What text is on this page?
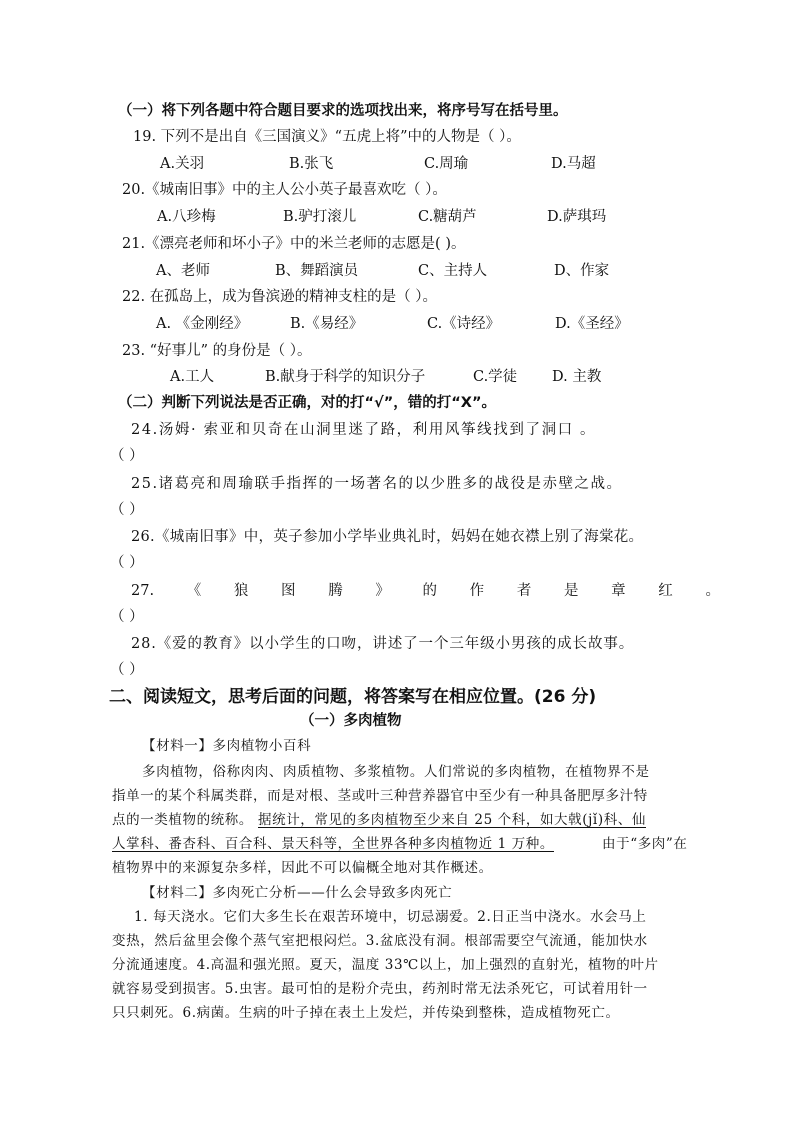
（一）将下列各题中符合题目要求的选项找出来，将序号写在括号里。
19. 下列不是出自《三国演义》“五虎上将”中的人物是（ ）。
A.关羽	B.张飞	C.周瑜	D.马超
20.《城南旧事》中的主人公小英子最喜欢吃（ ）。
A.八珍梅	B.驴打滚儿	C.糖葫芦	D.萨琪玛
21.《漂亮老师和坏小子》中的米兰老师的志愿是( )。
A、老师	B、舞蹈演员	C、主持人	D、作家
22. 在孤岛上，成为鲁滨逊的精神支柱的是（ ）。
A. 《金刚经》	B.《易经》	C.《诗经》	D.《圣经》
23. “好事儿” 的身份是（ ）。
A.工人	B.献身于科学的知识分子	C.学徒 D. 主教
（二）判断下列说法是否正确，对的打“√”，错的打“X”。
24.汤姆· 索亚和贝奇在山洞里迷了路，利用风筝线找到了洞口 。
（ ）
25.诸葛亮和周瑜联手指挥的一场著名的以少胜多的战役是赤壁之战。
（ ）
26.《城南旧事》中，英子参加小学毕业典礼时，妈妈在她衣襟上别了海棠花。
（ ）
27. 《 狼 图 腾 》 的 作 者 是 章 红 。
（ ）
28.《爱的教育》以小学生的口吻，讲述了一个三年级小男孩的成长故事。
（ ）
二、阅读短文，思考后面的问题，将答案写在相应位置。(26 分)
（一）多肉植物
【材料一】多肉植物小百科
多肉植物，俗称肉肉、肉质植物、多浆植物。人们常说的多肉植物，在植物界不是
指单一的某个科属类群，而是对根、茎或叶三种营养器官中至少有一种具备肥厚多汁特
点的一类植物的统称。 据统计，常见的多肉植物至少来自 25 个科，如大戟(jǐ)科、仙
人掌科、番杏科、百合科、景天科等，全世界各种多肉植物近 1 万种。	由于“多肉”在
植物界中的来源复杂多样，因此不可以偏概全地对其作概述。
【材料二】多肉死亡分析——什么会导致多肉死亡
1. 每天浇水。它们大多生长在艰苦环境中，切忌溺爱。2.日正当中浇水。水会马上
变热，然后盆里会像个蒸气室把根闷烂。3.盆底没有洞。根部需要空气流通，能加快水
分流通速度。4.高温和强光照。夏天，温度 33℃以上，加上强烈的直射光，植物的叶片
就容易受到损害。5.虫害。最可怕的是粉介壳虫，药剂时常无法杀死它，可试着用针一
只只刺死。6.病菌。生病的叶子掉在表土上发烂，并传染到整株，造成植物死亡。
